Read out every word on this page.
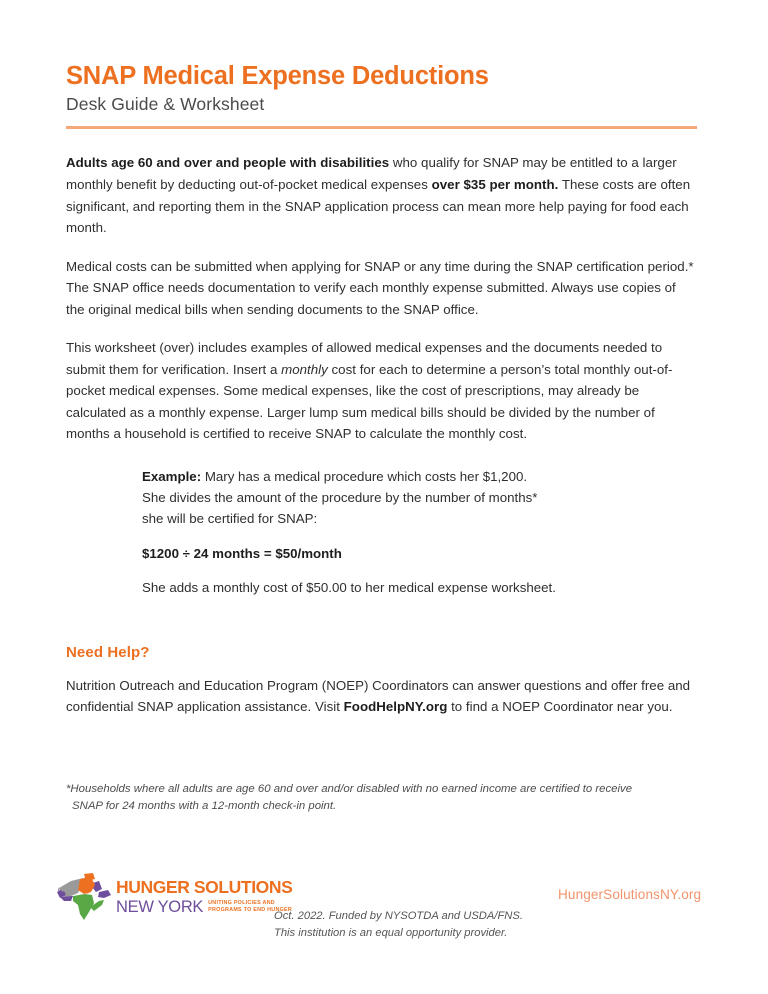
SNAP Medical Expense Deductions
Desk Guide & Worksheet

Adults age 60 and over and people with disabilities who qualify for SNAP may be entitled to a larger monthly benefit by deducting out-of-pocket medical expenses over $35 per month. These costs are often significant, and reporting them in the SNAP application process can mean more help paying for food each month.

Medical costs can be submitted when applying for SNAP or any time during the SNAP certification period.* The SNAP office needs documentation to verify each monthly expense submitted. Always use copies of the original medical bills when sending documents to the SNAP office.

This worksheet (over) includes examples of allowed medical expenses and the documents needed to submit them for verification. Insert a monthly cost for each to determine a person’s total monthly out-of-pocket medical expenses. Some medical expenses, like the cost of prescriptions, may already be calculated as a monthly expense. Larger lump sum medical bills should be divided by the number of months a household is certified to receive SNAP to calculate the monthly cost.

Example: Mary has a medical procedure which costs her $1,200.

She divides the amount of the procedure by the number of months*

she will be certified for SNAP:

$1200 ÷ 24 months = $50/month

She adds a monthly cost of $50.00 to her medical expense worksheet.

Need Help?

Nutrition Outreach and Education Program (NOEP) Coordinators can answer questions and offer free and confidential SNAP application assistance. Visit FoodHelpNY.org to find a NOEP Coordinator near you.

*Households where all adults are age 60 and over and/or disabled with no earned income are certified to receive
SNAP for 24 months with a 12-month check-in point.
HUNGER SOLUTIONS
NEW YORK UNITING POLICIES AND
PROGRAMS TO END HUNGER
HungerSolutionsNY.org
Oct. 2022. Funded by NYSOTDA and USDA/FNS.
This institution is an equal opportunity provider.
